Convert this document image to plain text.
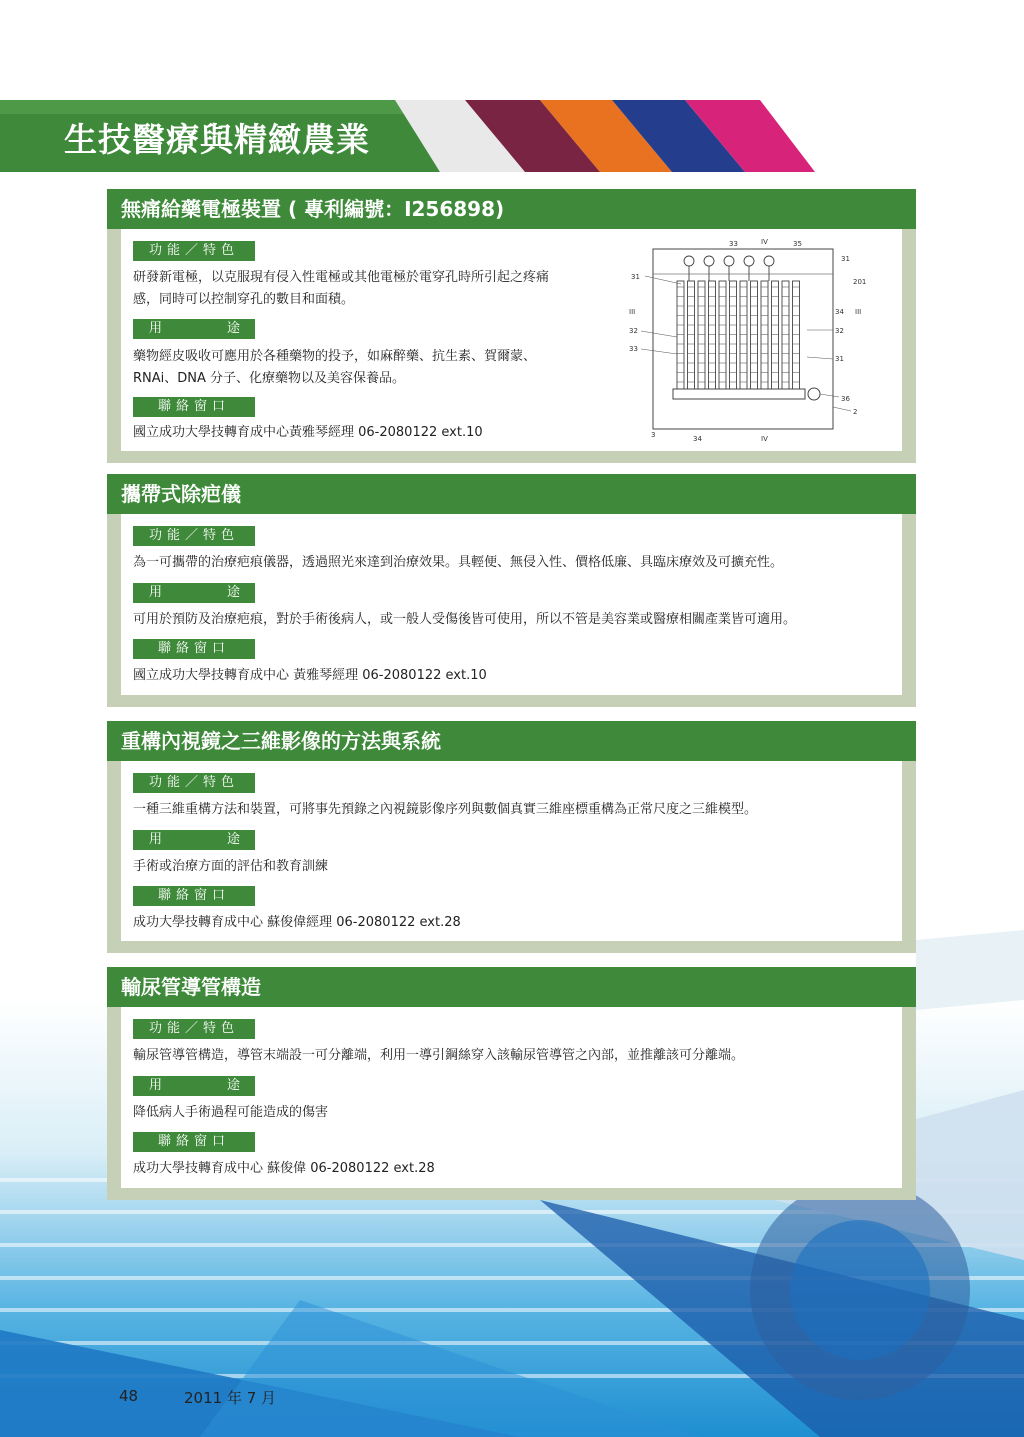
生技醫療與精緻農業
無痛給藥電極裝置 ( 專利編號：I256898)
功能／特色
研發新電極，以克服現有侵入性電極或其他電極於電穿孔時所引起之疼痛感，同時可以控制穿孔的數目和面積。
用	途
藥物經皮吸收可應用於各種藥物的投予，如麻醉藥、抗生素、賀爾蒙、RNAi、DNA 分子、化療藥物以及美容保養品。
聯絡窗口
國立成功大學技轉育成中心黃雅琴經理 06-2080122 ext.10
33	IV	35
31
31
201
III	34 III
32	32
33
31
36
2
3	34	IV
攜帶式除疤儀
功能／特色
為一可攜帶的治療疤痕儀器，透過照光來達到治療效果。具輕便、無侵入性、價格低廉、具臨床療效及可擴充性。
用	途
可用於預防及治療疤痕，對於手術後病人，或一般人受傷後皆可使用，所以不管是美容業或醫療相關產業皆可適用。
聯絡窗口
國立成功大學技轉育成中心 黃雅琴經理 06-2080122 ext.10
重構內視鏡之三維影像的方法與系統
功能／特色
一種三維重構方法和裝置，可將事先預錄之內視鏡影像序列與數個真實三維座標重構為正常尺度之三維模型。
用	途
手術或治療方面的評估和教育訓練
聯絡窗口
成功大學技轉育成中心 蘇俊偉經理 06-2080122 ext.28
輸尿管導管構造
功能／特色
輸尿管導管構造，導管末端設一可分離端，利用一導引鋼絲穿入該輸尿管導管之內部，並推離該可分離端。
用	途
降低病人手術過程可能造成的傷害
聯絡窗口
成功大學技轉育成中心 蘇俊偉 06-2080122 ext.28
48	2011 年 7 月
